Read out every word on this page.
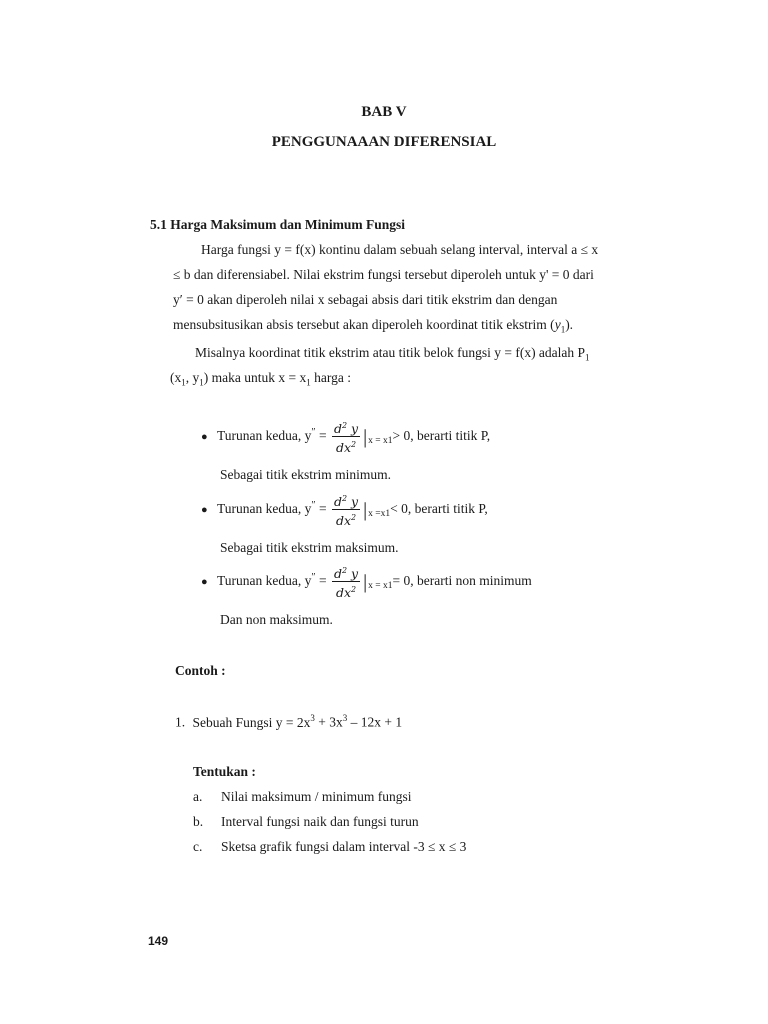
BAB V
PENGGUNAAAN DIFERENSIAL
5.1 Harga Maksimum dan Minimum Fungsi
Harga fungsi y = f(x) kontinu dalam sebuah selang interval, interval a ≤ x
≤ b dan diferensiabel. Nilai ekstrim fungsi tersebut diperoleh untuk y' = 0 dari
y′ = 0 akan diperoleh nilai x sebagai absis dari titik ekstrim dan dengan
mensubsitusikan absis tersebut akan diperoleh koordinat titik ekstrim $(y_1)$.
Misalnya koordinat titik ekstrim atau titik belok fungsi y = f(x) adalah $P_1$
($x_1$, $y_1$) maka untuk $x = x_1$ harga :
● Turunan kedua, $y'' = \frac{d^2 y}{dx^2} |_{x = x1}> 0$, berarti titik P,
Sebagai titik ekstrim minimum.
● Turunan kedua, $y'' = \frac{d^2 y}{dx^2} |_{x =x1}< 0$, berarti titik P,
Sebagai titik ekstrim maksimum.
● Turunan kedua, $y'' = \frac{d^2 y}{dx^2} |_{x = x1}= 0$, berarti non minimum
Dan non maksimum.
Contoh :
1. Sebuah Fungsi $y = 2x^3 + 3x^3 - 12x + 1$
Tentukan :
a. Nilai maksimum / minimum fungsi
b. Interval fungsi naik dan fungsi turun
c. Sketsa grafik fungsi dalam interval -3 ≤ x ≤ 3
149
